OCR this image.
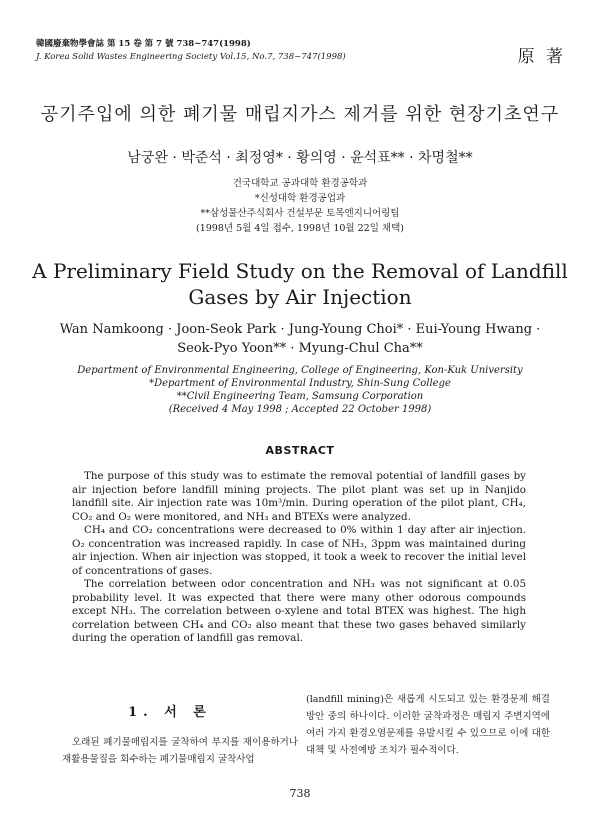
韓國廢棄物學會誌 第 15 卷 第 7 號 738~747(1998)
J. Korea Solid Wastes Engineering Society Vol.15, No.7, 738~747(1998)	原 著
공기주입에 의한 폐기물 매립지가스 제거를 위한 현장기초연구
남궁완 · 박준석 · 최정영* · 황의영 · 윤석표** · 차명철**
건국대학교 공과대학 환경공학과
*신성대학 환경공업과
**삼성물산주식회사 건설부문 토목엔지니어링팀
(1998년 5월 4일 접수, 1998년 10월 22일 채택)
A Preliminary Field Study on the Removal of Landfill
Gases by Air Injection
Wan Namkoong · Joon-Seok Park · Jung-Young Choi* · Eui-Young Hwang ·
Seok-Pyo Yoon** · Myung-Chul Cha**
Department of Environmental Engineering, College of Engineering, Kon-Kuk University
*Department of Environmental Industry, Shin-Sung College
**Civil Engineering Team, Samsung Corporation
(Received 4 May 1998 ; Accepted 22 October 1998)
ABSTRACT

The purpose of this study was to estimate the removal potential of landfill gases by air injection before landfill mining projects. The pilot plant was set up in Nanjido landfill site. Air injection rate was 10m³/min. During operation of the pilot plant, CH₄, CO₂ and O₂ were monitored, and NH₃ and BTEXs were analyzed.

CH₄ and CO₂ concentrations were decreased to 0% within 1 day after air injection. O₂ concentration was increased rapidly. In case of NH₃, 3ppm was maintained during air injection. When air injection was stopped, it took a week to recover the initial level of concentrations of gases.

The correlation between odor concentration and NH₃ was not significant at 0.05 probability level. It was expected that there were many other odorous compounds except NH₃. The correlation between o-xylene and total BTEX was highest. The high correlation between CH₄ and CO₂ also meant that these two gases behaved similarly during the operation of landfill gas removal.

1. 서 론
오래된 폐기물매립지를 굴착하여 부지를 재이용하거나 재활용물질을 회수하는 폐기물매립지 굴착사업
(landfill mining)은 새롭게 시도되고 있는 환경문제 해결방안 중의 하나이다. 이러한 굴착과정은 매립지 주변지역에 여러 가지 환경오염문제를 유발시킬 수 있으므로 이에 대한 대책 및 사전예방 조치가 필수적이다.
738
